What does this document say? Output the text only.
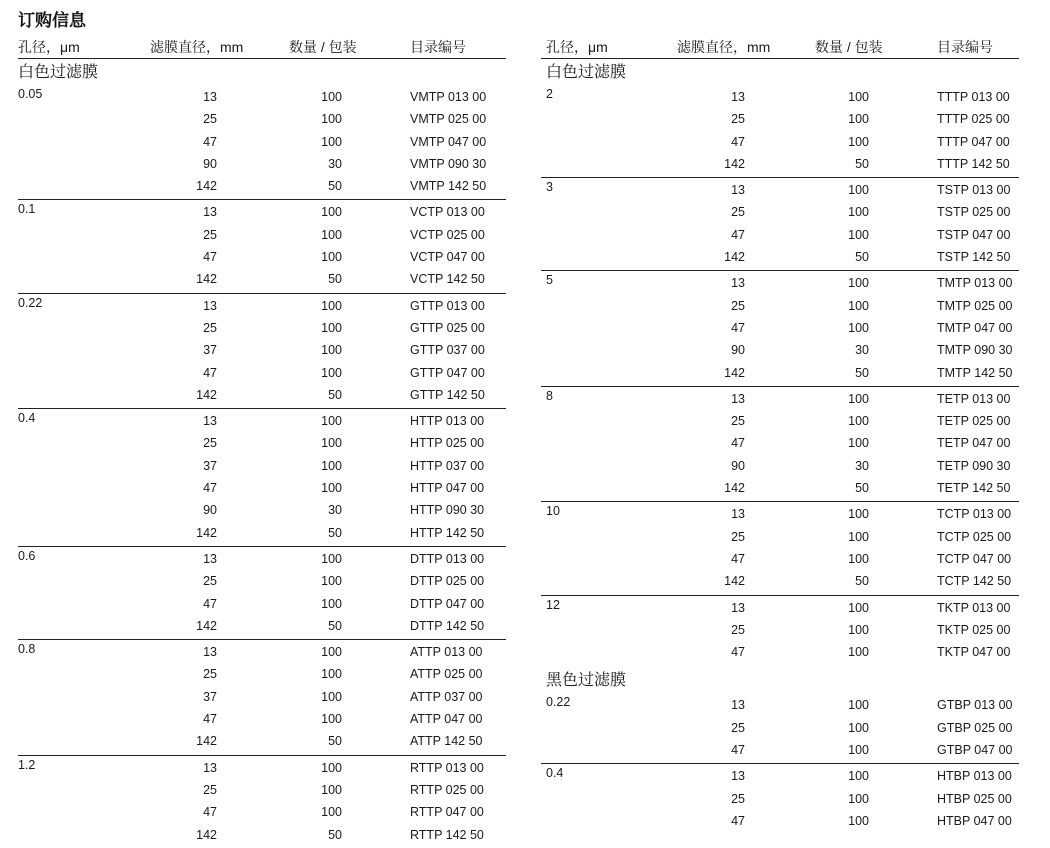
订购信息
孔径，μm	滤膜直径，mm	数量 / 包装	目录编号
白色过滤膜
0.05	13	100	VMTP 013 00
25	100	VMTP 025 00
47	100	VMTP 047 00
90	30	VMTP 090 30
142	50	VMTP 142 50
0.1	13	100	VCTP 013 00
25	100	VCTP 025 00
47	100	VCTP 047 00
142	50	VCTP 142 50
0.22	13	100	GTTP 013 00
25	100	GTTP 025 00
37	100	GTTP 037 00
47	100	GTTP 047 00
142	50	GTTP 142 50
0.4	13	100	HTTP 013 00
25	100	HTTP 025 00
37	100	HTTP 037 00
47	100	HTTP 047 00
90	30	HTTP 090 30
142	50	HTTP 142 50
0.6	13	100	DTTP 013 00
25	100	DTTP 025 00
47	100	DTTP 047 00
142	50	DTTP 142 50
0.8	13	100	ATTP 013 00
25	100	ATTP 025 00
37	100	ATTP 037 00
47	100	ATTP 047 00
142	50	ATTP 142 50
1.2	13	100	RTTP 013 00
25	100	RTTP 025 00
47	100	RTTP 047 00
142	50	RTTP 142 50
孔径，μm	滤膜直径，mm	数量 / 包装	目录编号
白色过滤膜
2	13	100	TTTP 013 00
25	100	TTTP 025 00
47	100	TTTP 047 00
142	50	TTTP 142 50
3	13	100	TSTP 013 00
25	100	TSTP 025 00
47	100	TSTP 047 00
142	50	TSTP 142 50
5	13	100	TMTP 013 00
25	100	TMTP 025 00
47	100	TMTP 047 00
90	30	TMTP 090 30
142	50	TMTP 142 50
8	13	100	TETP 013 00
25	100	TETP 025 00
47	100	TETP 047 00
90	30	TETP 090 30
142	50	TETP 142 50
10	13	100	TCTP 013 00
25	100	TCTP 025 00
47	100	TCTP 047 00
142	50	TCTP 142 50
12	13	100	TKTP 013 00
25	100	TKTP 025 00
47	100	TKTP 047 00
黑色过滤膜
0.22	13	100	GTBP 013 00
25	100	GTBP 025 00
47	100	GTBP 047 00
0.4	13	100	HTBP 013 00
25	100	HTBP 025 00
47	100	HTBP 047 00
